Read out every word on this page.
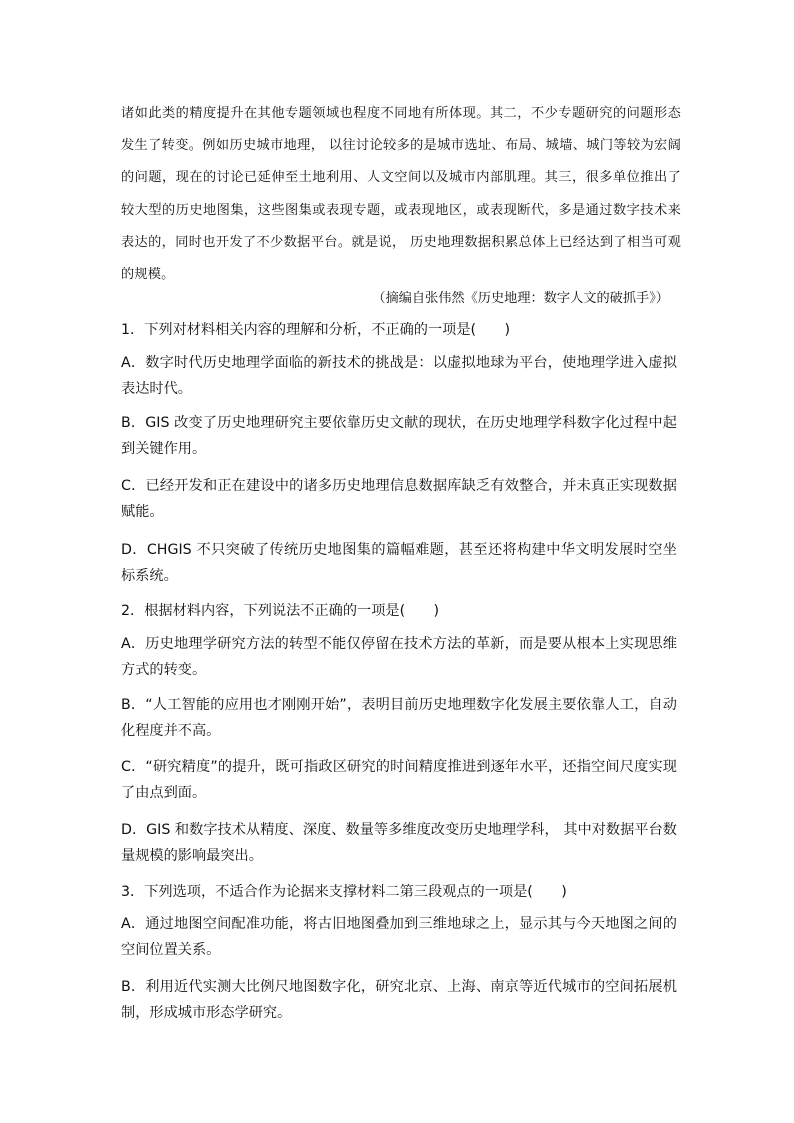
诸如此类的精度提升在其他专题领域也程度不同地有所体现。其二，不少专题研究的问题形态发生了转变。例如历史城市地理， 以往讨论较多的是城市选址、布局、城墙、城门等较为宏阔的问题，现在的讨论已延伸至土地利用、人文空间以及城市内部肌理。其三，很多单位推出了较大型的历史地图集，这些图集或表现专题，或表现地区，或表现断代，多是通过数字技术来表达的，同时也开发了不少数据平台。就是说， 历史地理数据积累总体上已经达到了相当可观的规模。

（摘编自张伟然《历史地理：数字人文的破抓手》）

1．下列对材料相关内容的理解和分析，不正确的一项是(　　)

A．数字时代历史地理学面临的新技术的挑战是：以虚拟地球为平台，使地理学进入虚拟表达时代。

B．GIS 改变了历史地理研究主要依靠历史文献的现状，在历史地理学科数字化过程中起到关键作用。

C．已经开发和正在建设中的诸多历史地理信息数据库缺乏有效整合，并未真正实现数据赋能。

D．CHGIS 不只突破了传统历史地图集的篇幅难题，甚至还将构建中华文明发展时空坐标系统。

2．根据材料内容，下列说法不正确的一项是(　　)

A．历史地理学研究方法的转型不能仅停留在技术方法的革新，而是要从根本上实现思维方式的转变。

B．“人工智能的应用也才刚刚开始”，表明目前历史地理数字化发展主要依靠人工，自动化程度并不高。

C．“研究精度”的提升，既可指政区研究的时间精度推进到逐年水平，还指空间尺度实现了由点到面。

D．GIS 和数字技术从精度、深度、数量等多维度改变历史地理学科， 其中对数据平台数量规模的影响最突出。

3．下列选项，不适合作为论据来支撑材料二第三段观点的一项是(　　)

A．通过地图空间配准功能，将古旧地图叠加到三维地球之上，显示其与今天地图之间的空间位置关系。

B．利用近代实测大比例尺地图数字化，研究北京、上海、南京等近代城市的空间拓展机制，形成城市形态学研究。
